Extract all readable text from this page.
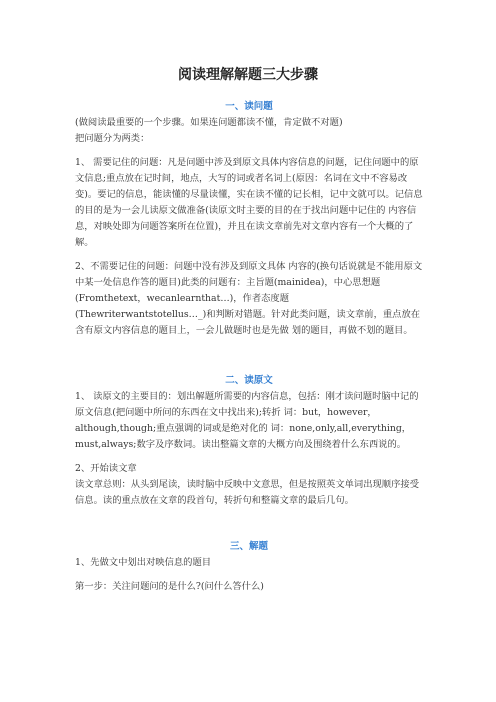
阅读理解解题三大步骤

一、读问题

(做阅读最重要的一个步骤。如果连问题都读不懂，肯定做不对题)

把问题分为两类：

1、 需要记住的问题：凡是问题中涉及到原文具体内容信息的问题，记住问题中的原文信息;重点放在记时间，地点，大写的词或者名词上(原因：名词在文中不容易改 变)。要记的信息，能读懂的尽量读懂，实在读不懂的记长相，记中文就可以。记信息的目的是为一会儿读原文做准备(读原文时主要的目的在于找出问题中记住的 内容信息，对映处即为问题答案所在位置)，并且在读文章前先对文章内容有一个大概的了解。

2、不需要记住的问题：问题中没有涉及到原文具体 内容的(换句话说就是不能用原文中某一处信息作答的题目)此类的问题有：主旨题(mainidea)，中心思想题 (Fromthetext，wecanlearnthat…)，作者态度题

(Thewriterwantstotellus…_)和判断对错题。针对此类问题，读文章前，重点放在含有原文内容信息的题目上，一会儿做题时也是先做 划的题目，再做不划的题目。

二、读原文

1、 读原文的主要目的：划出解题所需要的内容信息，包括：刚才读问题时脑中记的原文信息(把问题中所问的东西在文中找出来);转折 词：but，however，although,though;重点强调的词或是绝对化的 词：none,only,all,everything，must,always;数字及序数词。读出整篇文章的大概方向及围绕着什么东西说的。

2、开始读文章

读文章总则：从头到尾读，读时脑中反映中文意思，但是按照英文单词出现顺序接受信息。读的重点放在文章的段首句，转折句和整篇文章的最后几句。

三、解题

1、先做文中划出对映信息的题目

第一步：关注问题问的是什么?(问什么答什么)
